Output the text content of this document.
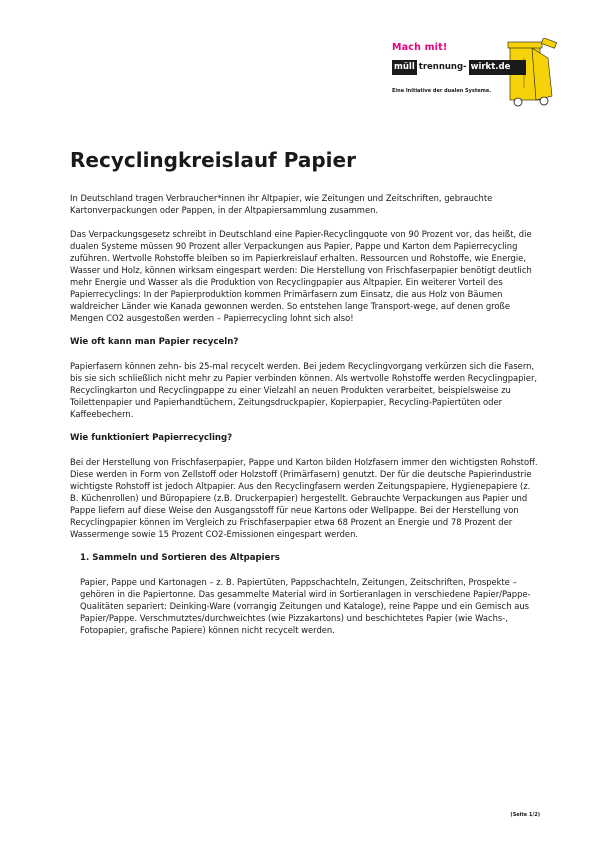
Mach mit!
müll trennung- wirkt.de
Eine Initiative der dualen Systeme.
Recyclingkreislauf Papier

In Deutschland tragen Verbraucher*innen ihr Altpapier, wie Zeitungen und Zeitschriften, gebrauchte Kartonverpackungen oder Pappen, in der Altpapiersammlung zusammen.

Das Verpackungsgesetz schreibt in Deutschland eine Papier-Recyclingquote von 90 Prozent vor, das heißt, die dualen Systeme müssen 90 Prozent aller Verpackungen aus Papier, Pappe und Karton dem Papierrecycling zuführen. Wertvolle Rohstoffe bleiben so im Papierkreislauf erhalten. Ressourcen und Rohstoffe, wie Energie, Wasser und Holz, können wirksam eingespart werden: Die Herstellung von Frischfaserpapier benötigt deutlich mehr Energie und Wasser als die Produktion von Recyclingpapier aus Altpapier. Ein weiterer Vorteil des Papierrecyclings: In der Papierproduktion kommen Primärfasern zum Einsatz, die aus Holz von Bäumen waldreicher Länder wie Kanada gewonnen werden. So entstehen lange Transport-wege, auf denen große Mengen CO2 ausgestoßen werden – Papierrecycling lohnt sich also!

Wie oft kann man Papier recyceln?

Papierfasern können zehn- bis 25-mal recycelt werden. Bei jedem Recyclingvorgang verkürzen sich die Fasern, bis sie sich schließlich nicht mehr zu Papier verbinden können. Als wertvolle Rohstoffe werden Recyclingpapier, Recyclingkarton und Recyclingpappe zu einer Vielzahl an neuen Produkten verarbeitet, beispielsweise zu Toilettenpapier und Papierhandtüchern, Zeitungsdruckpapier, Kopierpapier, Recycling-Papiertüten oder Kaffeebechern.

Wie funktioniert Papierrecycling?

Bei der Herstellung von Frischfaserpapier, Pappe und Karton bilden Holzfasern immer den wichtigsten Rohstoff. Diese werden in Form von Zellstoff oder Holzstoff (Primärfasern) genutzt. Der für die deutsche Papierindustrie wichtigste Rohstoff ist jedoch Altpapier. Aus den Recyclingfasern werden Zeitungspapiere, Hygienepapiere (z. B. Küchenrollen) und Büropapiere (z.B. Druckerpapier) hergestellt. Gebrauchte Verpackungen aus Papier und Pappe liefern auf diese Weise den Ausgangsstoff für neue Kartons oder Wellpappe. Bei der Herstellung von Recyclingpapier können im Vergleich zu Frischfaserpapier etwa 68 Prozent an Energie und 78 Prozent der Wassermenge sowie 15 Prozent CO2-Emissionen eingespart werden.

1. Sammeln und Sortieren des Altpapiers

Papier, Pappe und Kartonagen – z. B. Papiertüten, Pappschachteln, Zeitungen, Zeitschriften, Prospekte – gehören in die Papiertonne. Das gesammelte Material wird in Sortieranlagen in verschiedene Papier/Pappe-Qualitäten separiert: Deinking-Ware (vorrangig Zeitungen und Kataloge), reine Pappe und ein Gemisch aus Papier/Pappe. Verschmutztes/durchweichtes (wie Pizzakartons) und beschichtetes Papier (wie Wachs-, Fotopapier, grafische Papiere) können nicht recycelt werden.

(Seite 1/2)
